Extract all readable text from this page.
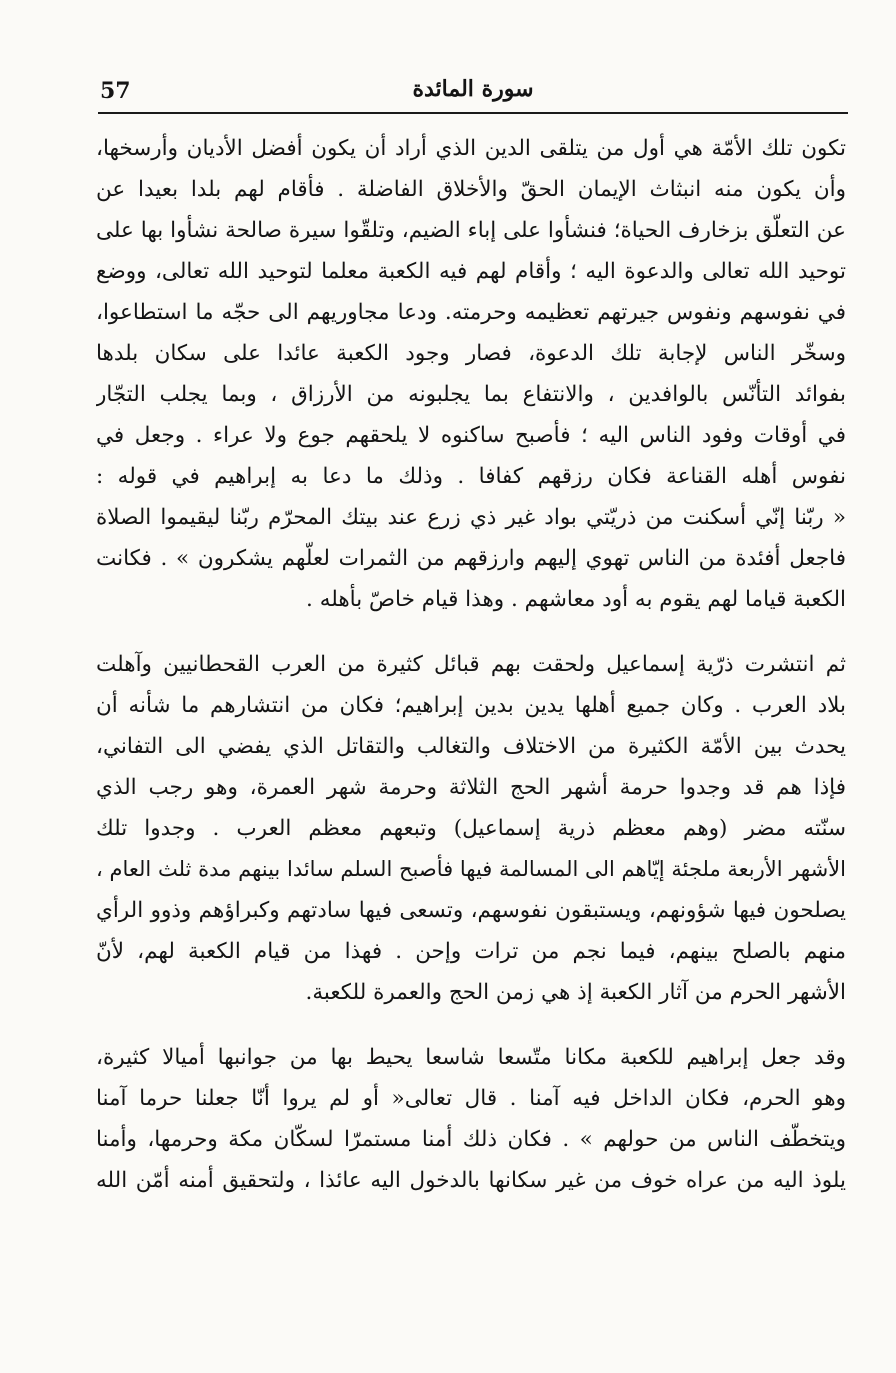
57	سورة المائدة
تكون تلك الأمّة هي أول من يتلقى الدين الذي أراد أن يكون أفضل الأديان وأرسخها،
وأن يكون منه انبثاث الإيمان الحقّ والأخلاق الفاضلة . فأقام لهم بلدا بعيدا عن
عن التعلّق بزخارف الحياة؛ فنشأوا على إباء الضيم، وتلقّوا سيرة صالحة نشأوا بها على
توحيد الله تعالى والدعوة اليه ؛ وأقام لهم فيه الكعبة معلما لتوحيد الله تعالى، ووضع
في نفوسهم ونفوس جيرتهم تعظيمه وحرمته. ودعا مجاوريهم الى حجّه ما استطاعوا،
وسخّر الناس لإجابة تلك الدعوة، فصار وجود الكعبة عائدا على سكان بلدها
بفوائد التأنّس بالوافدين ، والانتفاع بما يجلبونه من الأرزاق ، وبما يجلب التجّار
في أوقات وفود الناس اليه ؛ فأصبح ساكنوه لا يلحقهم جوع ولا عراء . وجعل في
نفوس أهله القناعة فكان رزقهم كفافا . وذلك ما دعا به إبراهيم في قوله :
« ربّنا إنّي أسكنت من ذريّتي بواد غير ذي زرع عند بيتك المحرّم ربّنا ليقيموا الصلاة
فاجعل أفئدة من الناس تهوي إليهم وارزقهم من الثمرات لعلّهم يشكرون » . فكانت
الكعبة قياما لهم يقوم به أود معاشهم . وهذا قيام خاصّ بأهله .
ثم انتشرت ذرّية إسماعيل ولحقت بهم قبائل كثيرة من العرب القحطانيين وآهلت
بلاد العرب . وكان جميع أهلها يدين بدين إبراهيم؛ فكان من انتشارهم ما شأنه أن
يحدث بين الأمّة الكثيرة من الاختلاف والتغالب والتقاتل الذي يفضي الى التفاني،
فإذا هم قد وجدوا حرمة أشهر الحج الثلاثة وحرمة شهر العمرة، وهو رجب الذي
سنّته مضر (وهم معظم ذرية إسماعيل) وتبعهم معظم العرب . وجدوا تلك
الأشهر الأربعة ملجئة إيّاهم الى المسالمة فيها فأصبح السلم سائدا بينهم مدة ثلث العام ،
يصلحون فيها شؤونهم، ويستبقون نفوسهم، وتسعى فيها سادتهم وكبراؤهم وذوو الرأي
منهم بالصلح بينهم، فيما نجم من ترات وإحن . فهذا من قيام الكعبة لهم، لأنّ
الأشهر الحرم من آثار الكعبة إذ هي زمن الحج والعمرة للكعبة.
وقد جعل إبراهيم للكعبة مكانا متّسعا شاسعا يحيط بها من جوانبها أميالا كثيرة،
وهو الحرم، فكان الداخل فيه آمنا . قال تعالى« أو لم يروا أنّا جعلنا حرما آمنا
ويتخطّف الناس من حولهم » . فكان ذلك أمنا مستمرّا لسكّان مكة وحرمها، وأمنا
يلوذ اليه من عراه خوف من غير سكانها بالدخول اليه عائذا ، ولتحقيق أمنه أمّن الله
